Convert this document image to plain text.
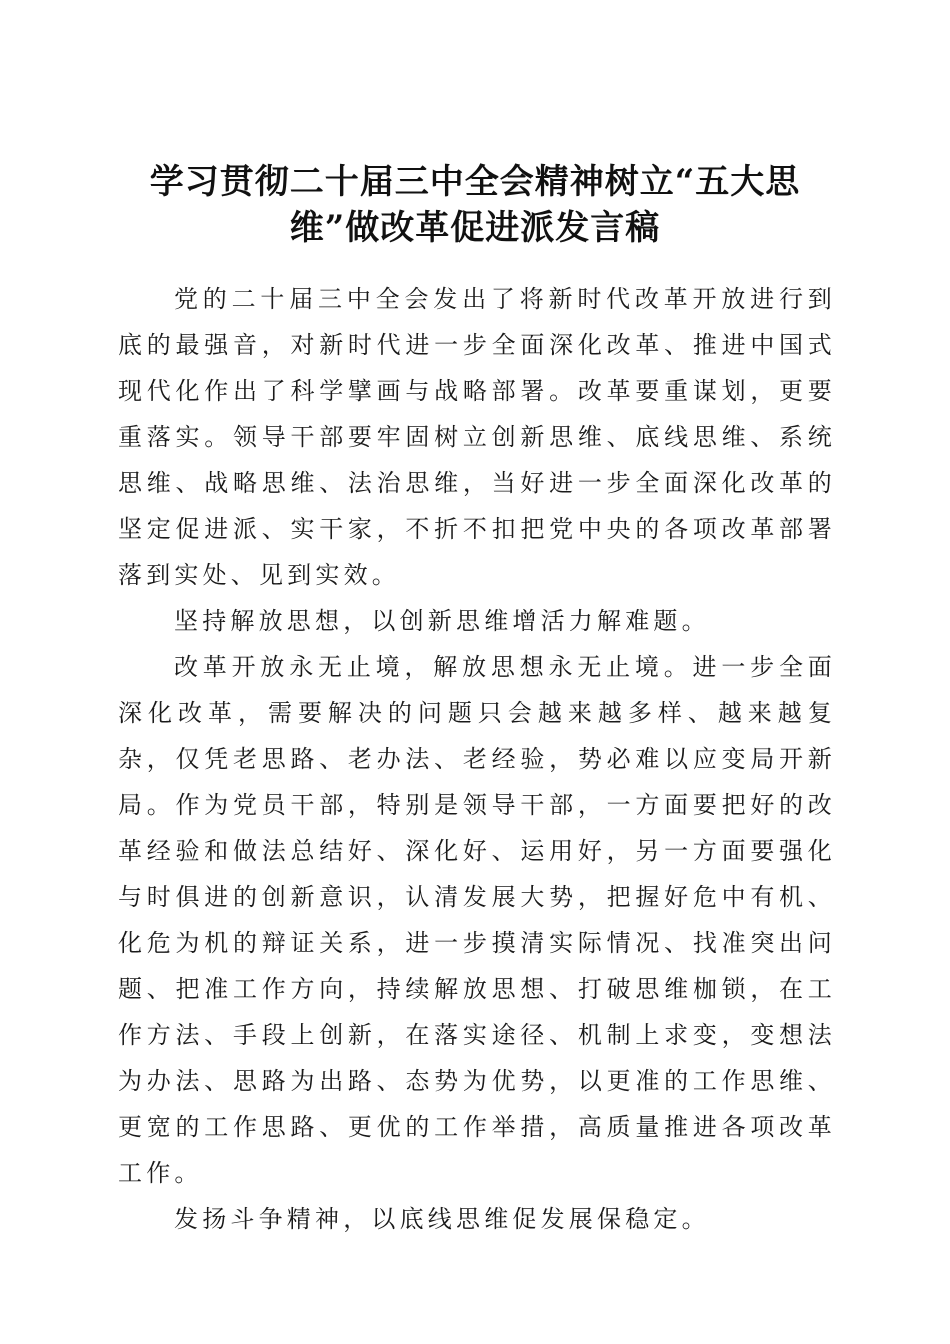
学习贯彻二十届三中全会精神树立“五大思
维”做改革促进派发言稿

党的二十届三中全会发出了将新时代改革开放进行到底的最强音，对新时代进一步全面深化改革、推进中国式现代化作出了科学擘画与战略部署。改革要重谋划，更要重落实。领导干部要牢固树立创新思维、底线思维、系统思维、战略思维、法治思维，当好进一步全面深化改革的坚定促进派、实干家，不折不扣把党中央的各项改革部署落到实处、见到实效。

坚持解放思想，以创新思维增活力解难题。

改革开放永无止境，解放思想永无止境。进一步全面深化改革，需要解决的问题只会越来越多样、越来越复杂，仅凭老思路、老办法、老经验，势必难以应变局开新局。作为党员干部，特别是领导干部，一方面要把好的改革经验和做法总结好、深化好、运用好，另一方面要强化与时俱进的创新意识，认清发展大势，把握好危中有机、化危为机的辩证关系，进一步摸清实际情况、找准突出问题、把准工作方向，持续解放思想、打破思维枷锁，在工作方法、手段上创新，在落实途径、机制上求变，变想法为办法、思路为出路、态势为优势，以更准的工作思维、更宽的工作思路、更优的工作举措，高质量推进各项改革工作。

发扬斗争精神，以底线思维促发展保稳定。
